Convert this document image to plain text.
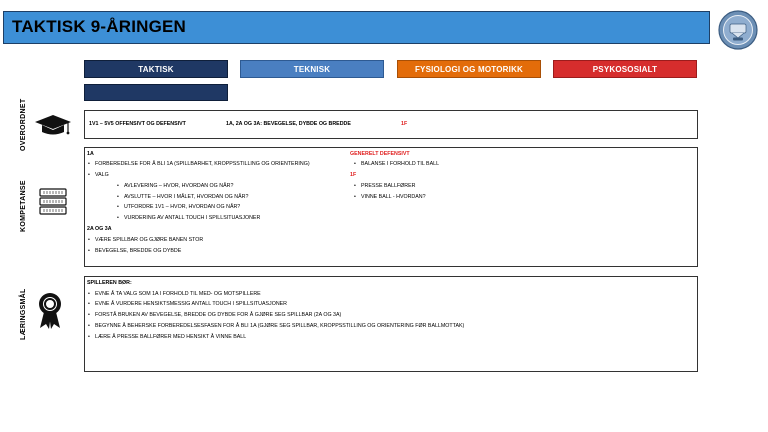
TAKTISK 9-ÅRINGEN
TAKTISK	TEKNISK	FYSIOLOGI OG MOTORIKK	PSYKOSOSIALT
OVERORDNET	1V1 – 5V5 OFFENSIVT OG DEFENSIVT	1A, 2A OG 3A: BEVEGELSE, DYBDE OG BREDDE	1F
KOMPETANSE
1A
• FORBEREDELSE FOR Å BLI 1A (SPILLBARHET, KROPPSSTILLING OG ORIENTERING)
• VALG
• AVLEVERING – HVOR, HVORDAN OG NÅR?
• AVSLUTTE – HVOR I MÅLET, HVORDAN OG NÅR?
• UTFORDRE 1V1 – HVOR, HVORDAN OG NÅR?
• VURDERING AV ANTALL TOUCH I SPILLSITUASJONER
2A OG 3A
• VÆRE SPILLBAR OG GJØRE BANEN STOR
• BEVEGELSE, BREDDE OG DYBDE
GENERELT DEFENSIVT
• BALANSE I FORHOLD TIL BALL
1F
• PRESSE BALLFØRER
• VINNE BALL - HVORDAN?
LÆRINGSMÅL
SPILLEREN BØR:
• EVNE Å TA VALG SOM 1A I FORHOLD TIL MED- OG MOTSPILLERE
• EVNE Å VURDERE HENSIKTSMESSIG ANTALL TOUCH I SPILLSITUASJONER
• FORSTÅ BRUKEN AV BEVEGELSE, BREDDE OG DYBDE FOR Å GJØRE SEG SPILLBAR (2A OG 3A)
• BEGYNNE Å BEHERSKE FORBEREDELSESFASEN FOR Å BLI 1A (GJØRE SEG SPILLBAR, KROPPSSTILLING OG ORIENTERING FØR BALLMOTTAK)
• LÆRE Å PRESSE BALLFØRER MED HENSIKT Å VINNE BALL
